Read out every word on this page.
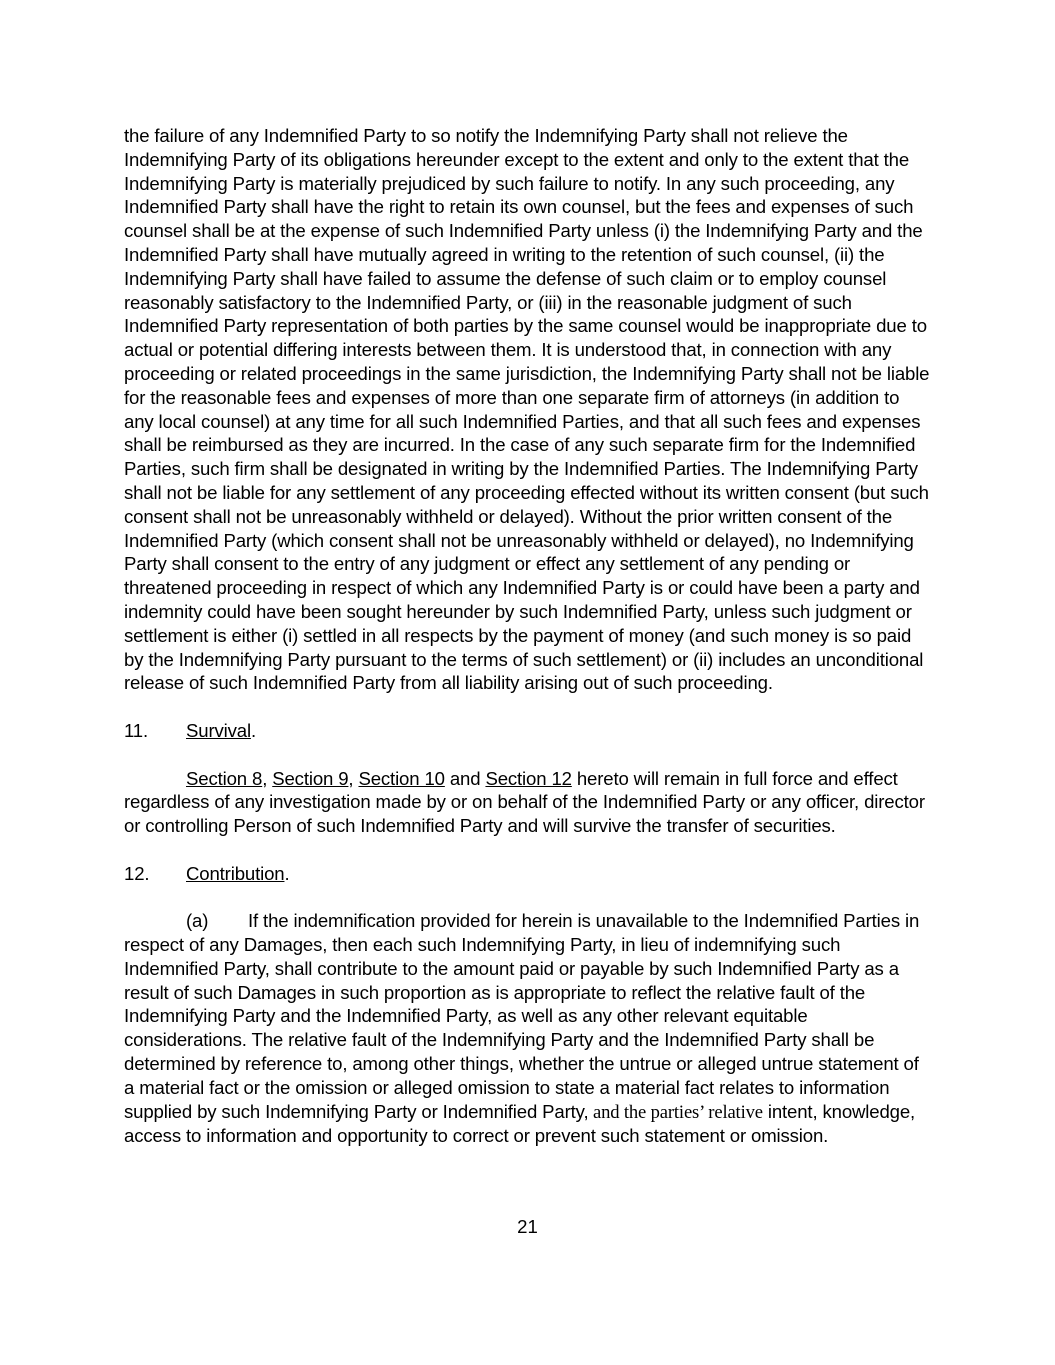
the failure of any Indemnified Party to so notify the Indemnifying Party shall not relieve the Indemnifying Party of its obligations hereunder except to the extent and only to the extent that the Indemnifying Party is materially prejudiced by such failure to notify. In any such proceeding, any Indemnified Party shall have the right to retain its own counsel, but the fees and expenses of such counsel shall be at the expense of such Indemnified Party unless (i) the Indemnifying Party and the Indemnified Party shall have mutually agreed in writing to the retention of such counsel, (ii) the Indemnifying Party shall have failed to assume the defense of such claim or to employ counsel reasonably satisfactory to the Indemnified Party, or (iii) in the reasonable judgment of such Indemnified Party representation of both parties by the same counsel would be inappropriate due to actual or potential differing interests between them. It is understood that, in connection with any proceeding or related proceedings in the same jurisdiction, the Indemnifying Party shall not be liable for the reasonable fees and expenses of more than one separate firm of attorneys (in addition to any local counsel) at any time for all such Indemnified Parties, and that all such fees and expenses shall be reimbursed as they are incurred. In the case of any such separate firm for the Indemnified Parties, such firm shall be designated in writing by the Indemnified Parties. The Indemnifying Party shall not be liable for any settlement of any proceeding effected without its written consent (but such consent shall not be unreasonably withheld or delayed). Without the prior written consent of the Indemnified Party (which consent shall not be unreasonably withheld or delayed), no Indemnifying Party shall consent to the entry of any judgment or effect any settlement of any pending or threatened proceeding in respect of which any Indemnified Party is or could have been a party and indemnity could have been sought hereunder by such Indemnified Party, unless such judgment or settlement is either (i) settled in all respects by the payment of money (and such money is so paid by the Indemnifying Party pursuant to the terms of such settlement) or (ii) includes an unconditional release of such Indemnified Party from all liability arising out of such proceeding.

11.	Survival.

Section 8, Section 9, Section 10 and Section 12 hereto will remain in full force and effect regardless of any investigation made by or on behalf of the Indemnified Party or any officer, director or controlling Person of such Indemnified Party and will survive the transfer of securities.

12.	Contribution.

(a) If the indemnification provided for herein is unavailable to the Indemnified Parties in respect of any Damages, then each such Indemnifying Party, in lieu of indemnifying such Indemnified Party, shall contribute to the amount paid or payable by such Indemnified Party as a result of such Damages in such proportion as is appropriate to reflect the relative fault of the Indemnifying Party and the Indemnified Party, as well as any other relevant equitable considerations. The relative fault of the Indemnifying Party and the Indemnified Party shall be determined by reference to, among other things, whether the untrue or alleged untrue statement of a material fact or the omission or alleged omission to state a material fact relates to information supplied by such Indemnifying Party or Indemnified Party, and the parties’ relative intent, knowledge, access to information and opportunity to correct or prevent such statement or omission.

21
